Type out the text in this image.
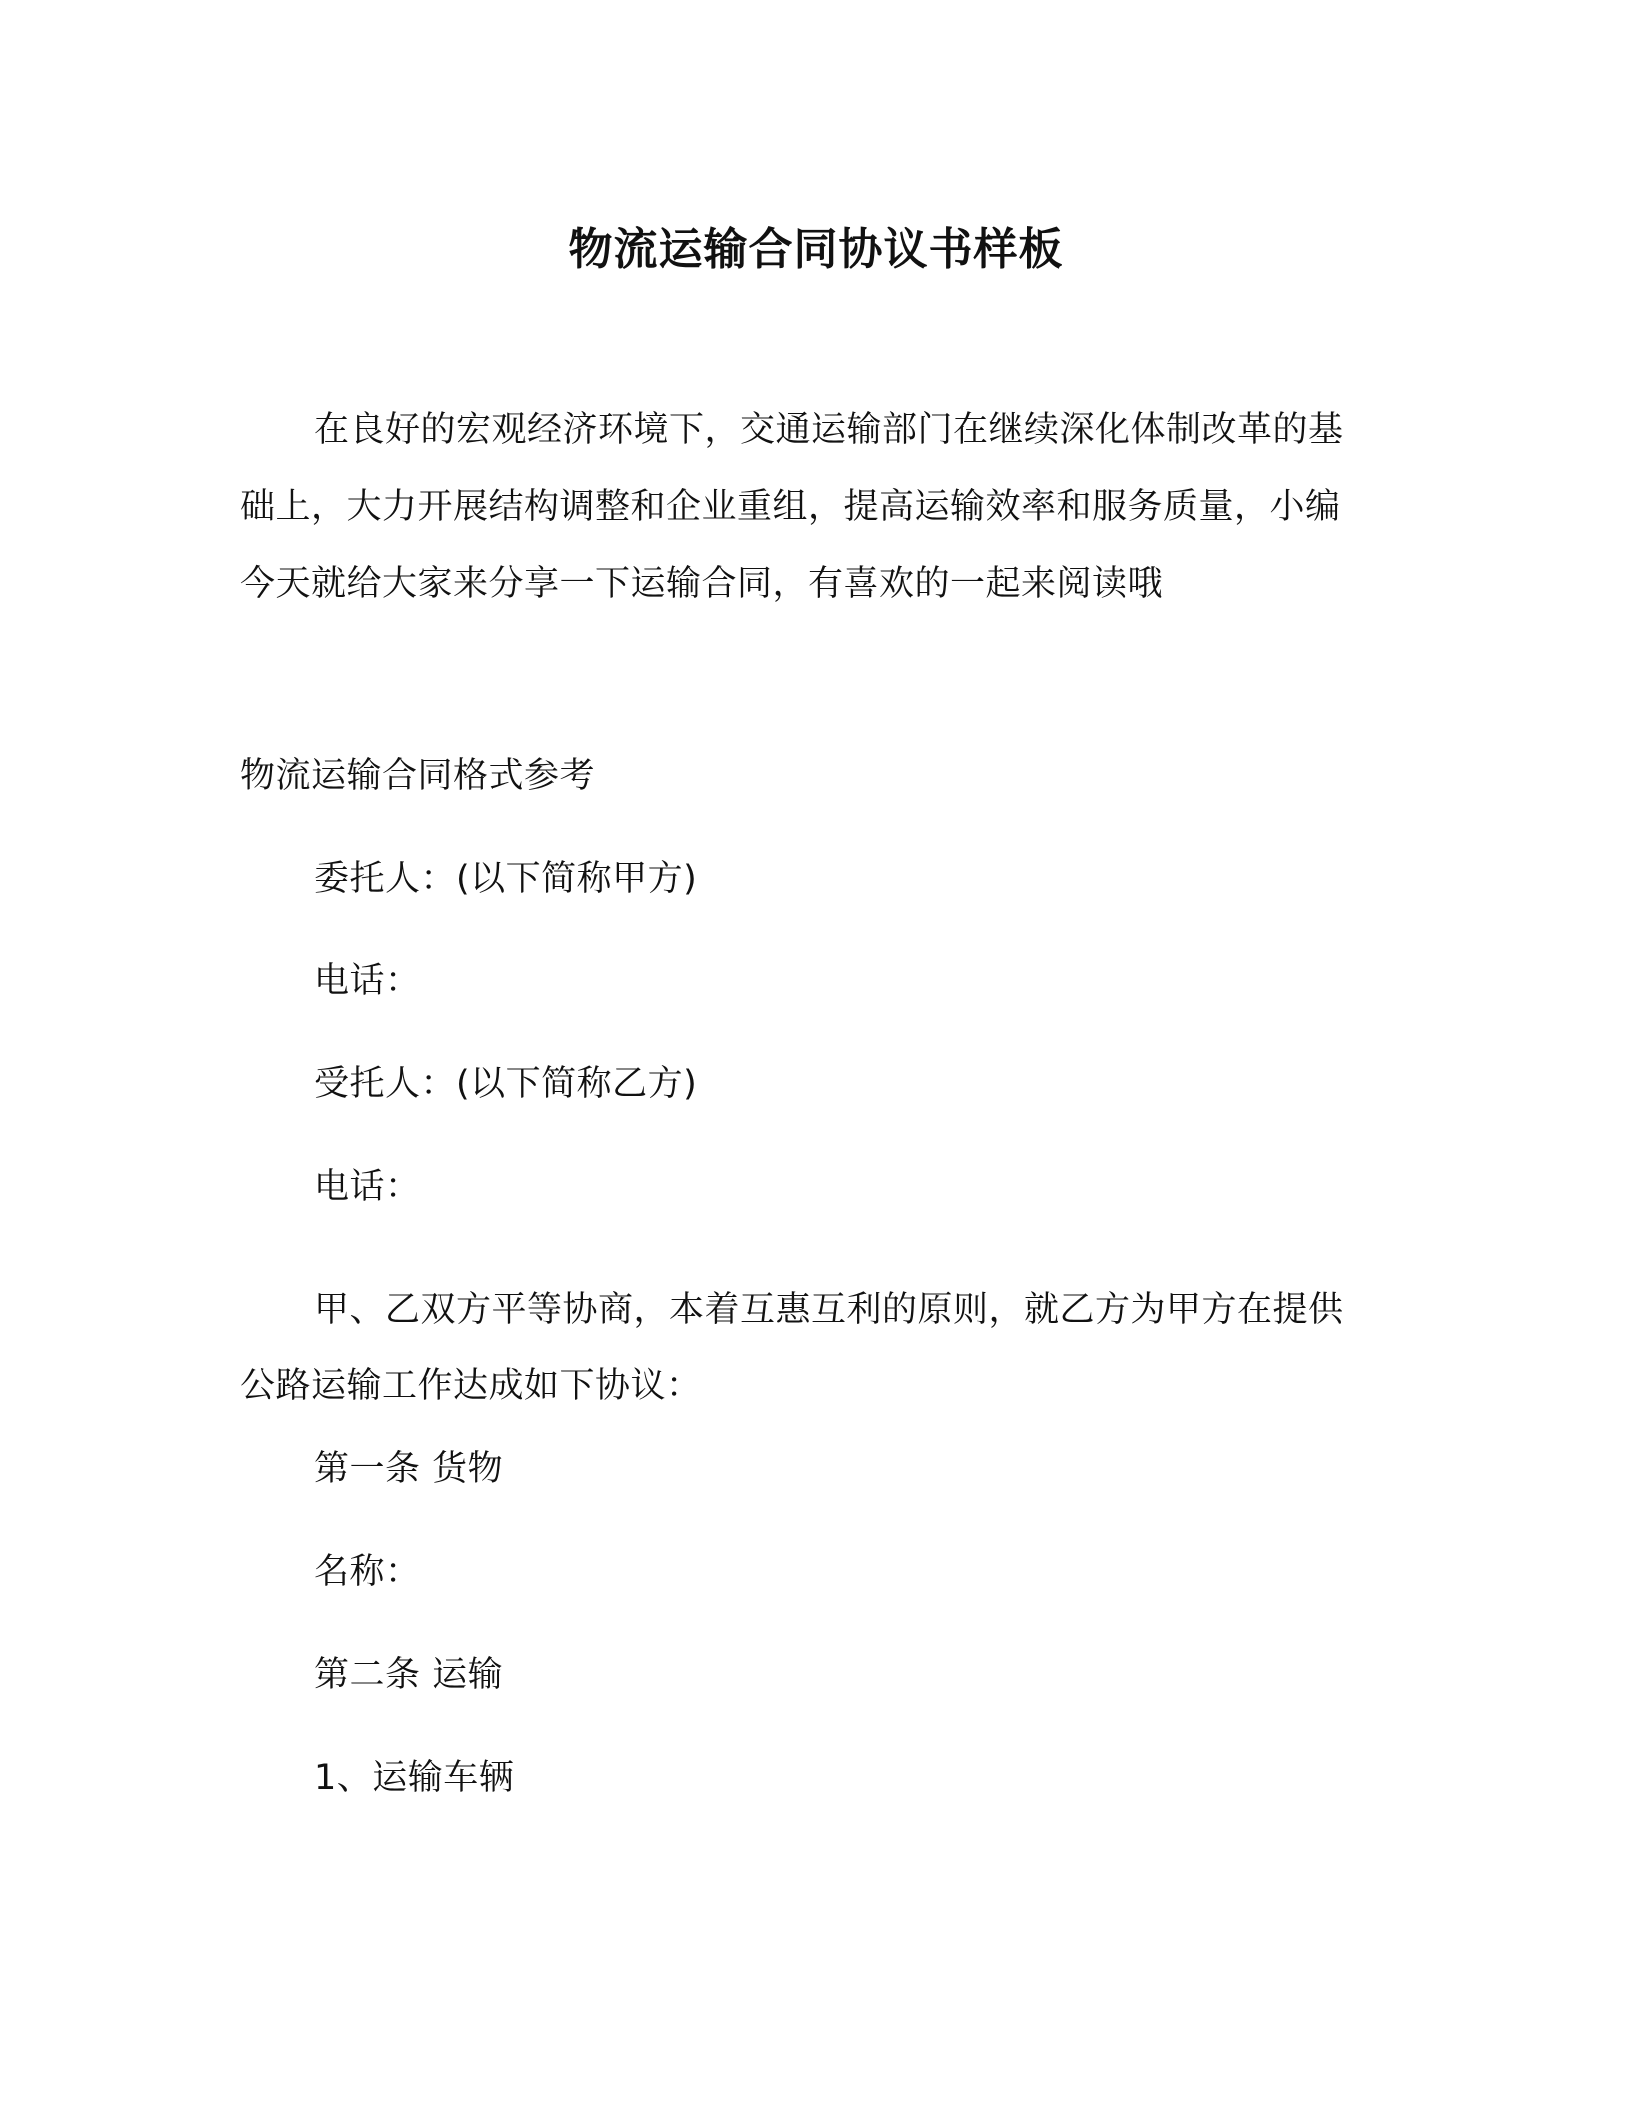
物流运输合同协议书样板

在良好的宏观经济环境下，交通运输部门在继续深化体制改革的基础上，大力开展结构调整和企业重组，提高运输效率和服务质量，小编今天就给大家来分享一下运输合同，有喜欢的一起来阅读哦

物流运输合同格式参考

委托人：(以下简称甲方)

电话：

受托人：(以下简称乙方)

电话：

甲、乙双方平等协商，本着互惠互利的原则，就乙方为甲方在提供公路运输工作达成如下协议：

第一条 货物

名称：

第二条 运输

1、运输车辆
